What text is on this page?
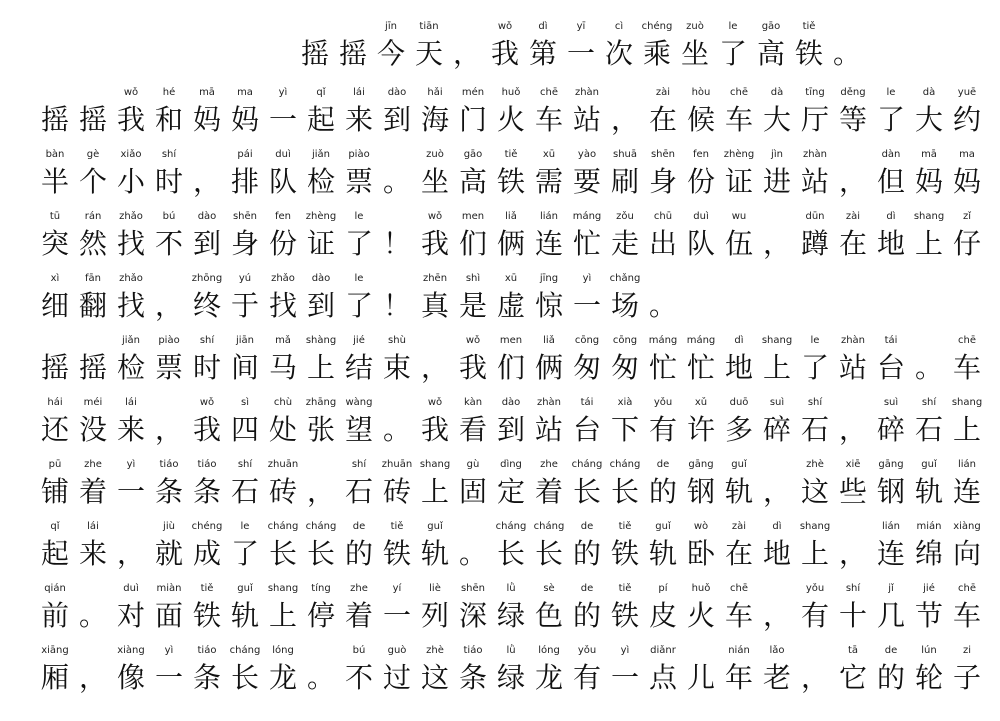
摇 摇
jīn
今
tiān
天 ，
wǒ
我
dì
第
yī
一
cì
次
chéng
乘
zuò
坐
le
了
gāo
高
tiě
铁 。
摇 摇
wǒ
我
hé
和
mā
妈
ma
妈
yì
一
qǐ
起
lái
来
dào
到
hǎi
海
mén
门
huǒ
火
chē
车
zhàn
站 ，
zài
在
hòu
候
chē
车
dà
大
tīng
厅
děng
等
le
了
dà
大
yuē
约
bàn
半
gè
个
xiǎo
小
shí
时 ，
pái
排
duì
队
jiǎn
检
piào
票 。
zuò
坐
gāo
高
tiě
铁
xū
需
yào
要
shuā
刷
shēn
身
fen
份
zhèng
证
jìn
进
zhàn
站 ，
dàn
但
mā
妈
ma
妈
tū
突
rán
然
zhǎo
找
bú
不
dào
到
shēn
身
fen
份
zhèng
证
le
了 ！
wǒ
我
men
们
liǎ
俩
lián
连
máng
忙
zǒu
走
chū
出
duì
队
wu
伍 ，
dūn
蹲
zài
在
dì
地
shang
上
zǐ
仔
xì
细
fān
翻
zhǎo
找 ，
zhōng
终
yú
于
zhǎo
找
dào
到
le
了 ！
zhēn
真
shì
是
xū
虚
jīng
惊
yì
一
chǎng
场 。
摇 摇
jiǎn
检
piào
票
shí
时
jiān
间
mǎ
马
shàng
上
jié
结
shù
束 ，
wǒ
我
men
们
liǎ
俩
cōng
匆
cōng
匆
máng
忙
máng
忙
dì
地
shang
上
le
了
zhàn
站
tái
台 。
chē
车
hái
还
méi
没
lái
来 ，
wǒ
我
sì
四
chù
处
zhāng
张
wàng
望 。
wǒ
我
kàn
看
dào
到
zhàn
站
tái
台
xià
下
yǒu
有
xǔ
许
duō
多
suì
碎
shí
石 ，
suì
碎
shí
石
shang
上
pū
铺
zhe
着
yì
一
tiáo
条
tiáo
条
shí
石
zhuān
砖 ，
shí
石
zhuān
砖
shang
上
gù
固
dìng
定
zhe
着
cháng
长
cháng
长
de
的
gāng
钢
guǐ
轨 ，
zhè
这
xiē
些
gāng
钢
guǐ
轨
lián
连
qǐ
起
lái
来 ，
jiù
就
chéng
成
le
了
cháng
长
cháng
长
de
的
tiě
铁
guǐ
轨 。
cháng
长
cháng
长
de
的
tiě
铁
guǐ
轨
wò
卧
zài
在
dì
地
shang
上 ，
lián
连
mián
绵
xiàng
向
qián
前 。
duì
对
miàn
面
tiě
铁
guǐ
轨
shang
上
tíng
停
zhe
着
yí
一
liè
列
shēn
深
lǜ
绿
sè
色
de
的
tiě
铁
pí
皮
huǒ
火
chē
车 ，
yǒu
有
shí
十
jǐ
几
jié
节
chē
车
xiāng
厢 ，
xiàng
像
yì
一
tiáo
条
cháng
长
lóng
龙 。
bú
不
guò
过
zhè
这
tiáo
条
lǜ
绿
lóng
龙
yǒu
有
yì
一
diǎnr
点 儿
nián
年
lǎo
老 ，
tā
它
de
的
lún
轮
zi
子
